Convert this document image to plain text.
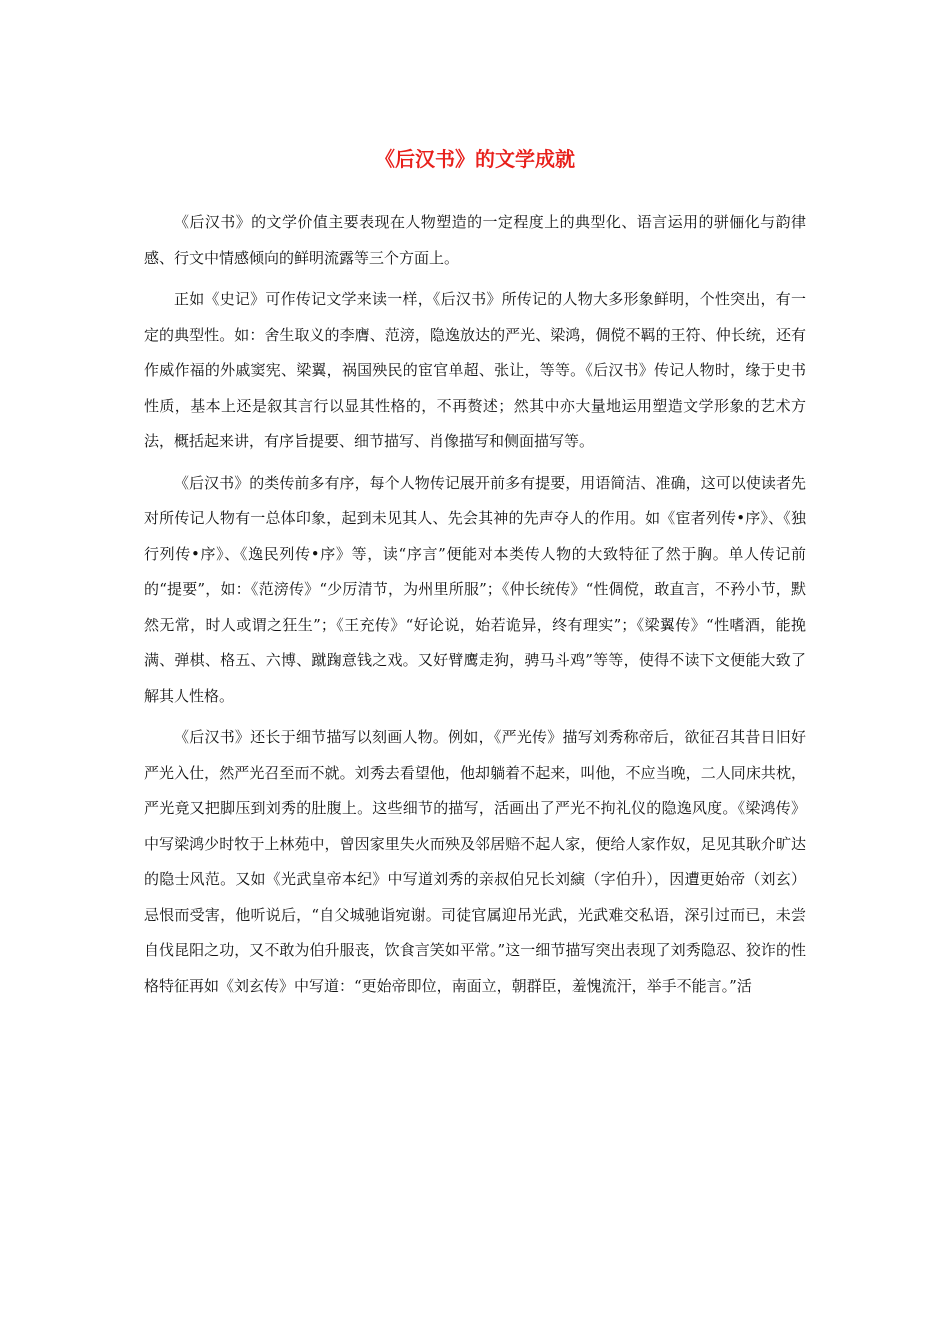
《后汉书》的文学成就

《后汉书》的文学价值主要表现在人物塑造的一定程度上的典型化、语言运用的骈俪化与韵律感、行文中情感倾向的鲜明流露等三个方面上。

正如《史记》可作传记文学来读一样，《后汉书》所传记的人物大多形象鲜明，个性突出，有一定的典型性。如：舍生取义的李膺、范滂，隐逸放达的严光、梁鸿，倜傥不羁的王符、仲长统，还有作威作福的外戚窦宪、梁翼，祸国殃民的宦官单超、张让，等等。《后汉书》传记人物时，缘于史书性质，基本上还是叙其言行以显其性格的，不再赘述；然其中亦大量地运用塑造文学形象的艺术方法，概括起来讲，有序旨提要、细节描写、肖像描写和侧面描写等。

《后汉书》的类传前多有序，每个人物传记展开前多有提要，用语简洁、准确，这可以使读者先对所传记人物有一总体印象，起到未见其人、先会其神的先声夺人的作用。如《宦者列传•序》、《独行列传•序》、《逸民列传•序》等，读“序言”便能对本类传人物的大致特征了然于胸。单人传记前的“提要”，如：《范滂传》“少厉清节，为州里所服”；《仲长统传》“性倜傥，敢直言，不矜小节，默然无常，时人或谓之狂生”；《王充传》“好论说，始若诡异，终有理实”；《梁翼传》“性嗜酒，能挽满、弹棋、格五、六博、蹴踘意钱之戏。又好臂鹰走狗，骋马斗鸡”等等，使得不读下文便能大致了解其人性格。

《后汉书》还长于细节描写以刻画人物。例如，《严光传》描写刘秀称帝后，欲征召其昔日旧好严光入仕，然严光召至而不就。刘秀去看望他，他却躺着不起来，叫他，不应当晚，二人同床共枕，严光竟又把脚压到刘秀的肚腹上。这些细节的描写，活画出了严光不拘礼仪的隐逸风度。《梁鸿传》中写梁鸿少时牧于上林苑中，曾因家里失火而殃及邻居赔不起人家，便给人家作奴，足见其耿介旷达的隐士风范。又如《光武皇帝本纪》中写道刘秀的亲叔伯兄长刘縯（字伯升），因遭更始帝（刘玄）忌恨而受害，他听说后，“自父城驰诣宛谢。司徒官属迎吊光武，光武难交私语，深引过而已，未尝自伐昆阳之功，又不敢为伯升服丧，饮食言笑如平常。”这一细节描写突出表现了刘秀隐忍、狡诈的性格特征再如《刘玄传》中写道：“更始帝即位，南面立，朝群臣，羞愧流汗，举手不能言。”活
